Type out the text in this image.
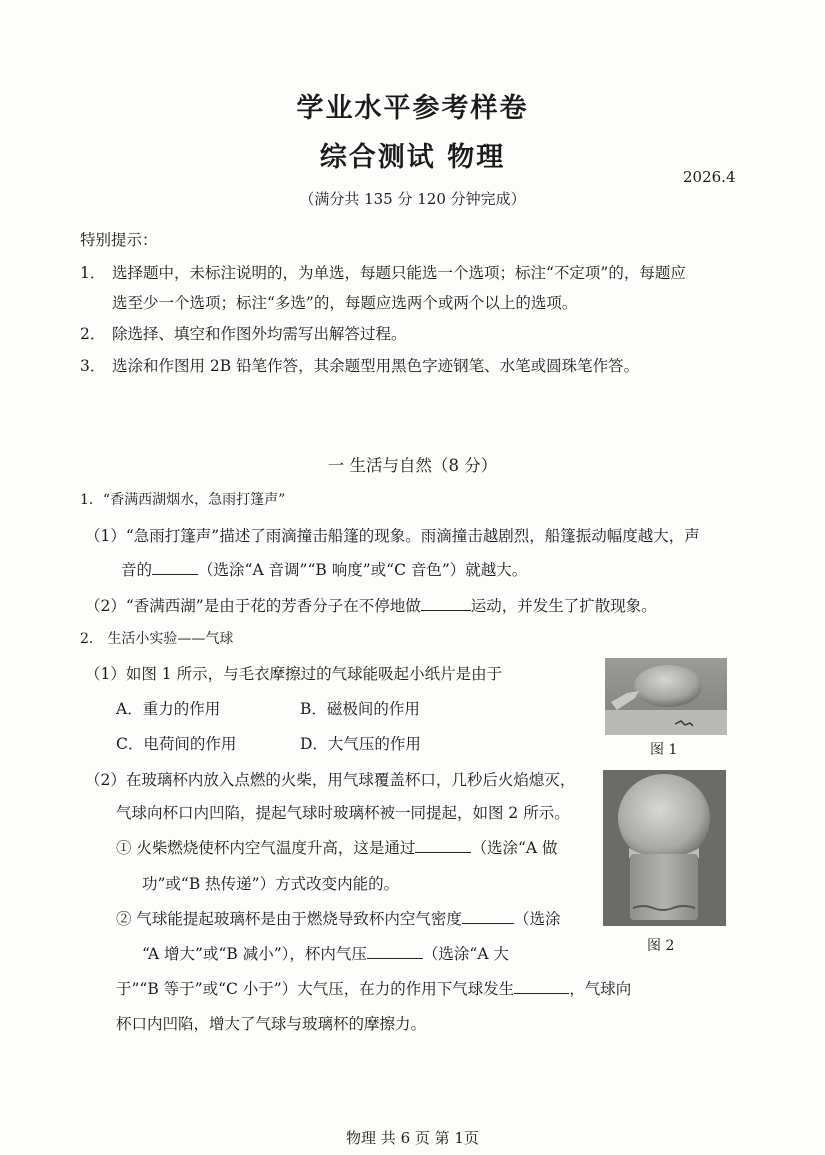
学业水平参考样卷
综合测试 物理
2026.4
（满分共 135 分 120 分钟完成）
特别提示：
1． 选择题中，未标注说明的，为单选，每题只能选一个选项；标注“不定项”的，每题应
选至少一个选项；标注“多选”的，每题应选两个或两个以上的选项。
2． 除选择、填空和作图外均需写出解答过程。
3． 选涂和作图用 2B 铅笔作答，其余题型用黑色字迹钢笔、水笔或圆珠笔作答。
一 生活与自然（8 分）
1．“香满西湖烟水，急雨打篷声”
（1）“急雨打篷声”描述了雨滴撞击船篷的现象。雨滴撞击越剧烈，船篷振动幅度越大，声
音的	（选涂“A 音调”“B 响度”或“C 音色”）就越大。
（2）“香满西湖”是由于花的芳香分子在不停地做	运动，并发生了扩散现象。
2． 生活小实验——气球
（1）如图 1 所示，与毛衣摩擦过的气球能吸起小纸片是由于
A．重力的作用	B．磁极间的作用
C．电荷间的作用	D．大气压的作用
（2）在玻璃杯内放入点燃的火柴，用气球覆盖杯口，几秒后火焰熄灭，
气球向杯口内凹陷，提起气球时玻璃杯被一同提起，如图 2 所示。
① 火柴燃烧使杯内空气温度升高，这是通过	（选涂“A 做
功”或“B 热传递”）方式改变内能的。
② 气球能提起玻璃杯是由于燃烧导致杯内空气密度	（选涂
“A 增大”或“B 减小”），杯内气压	（选涂“A 大
于”“B 等于”或“C 小于”）大气压，在力的作用下气球发生	，气球向
杯口内凹陷，增大了气球与玻璃杯的摩擦力。
图 1
图 2
物理 共 6 页 第 1页
